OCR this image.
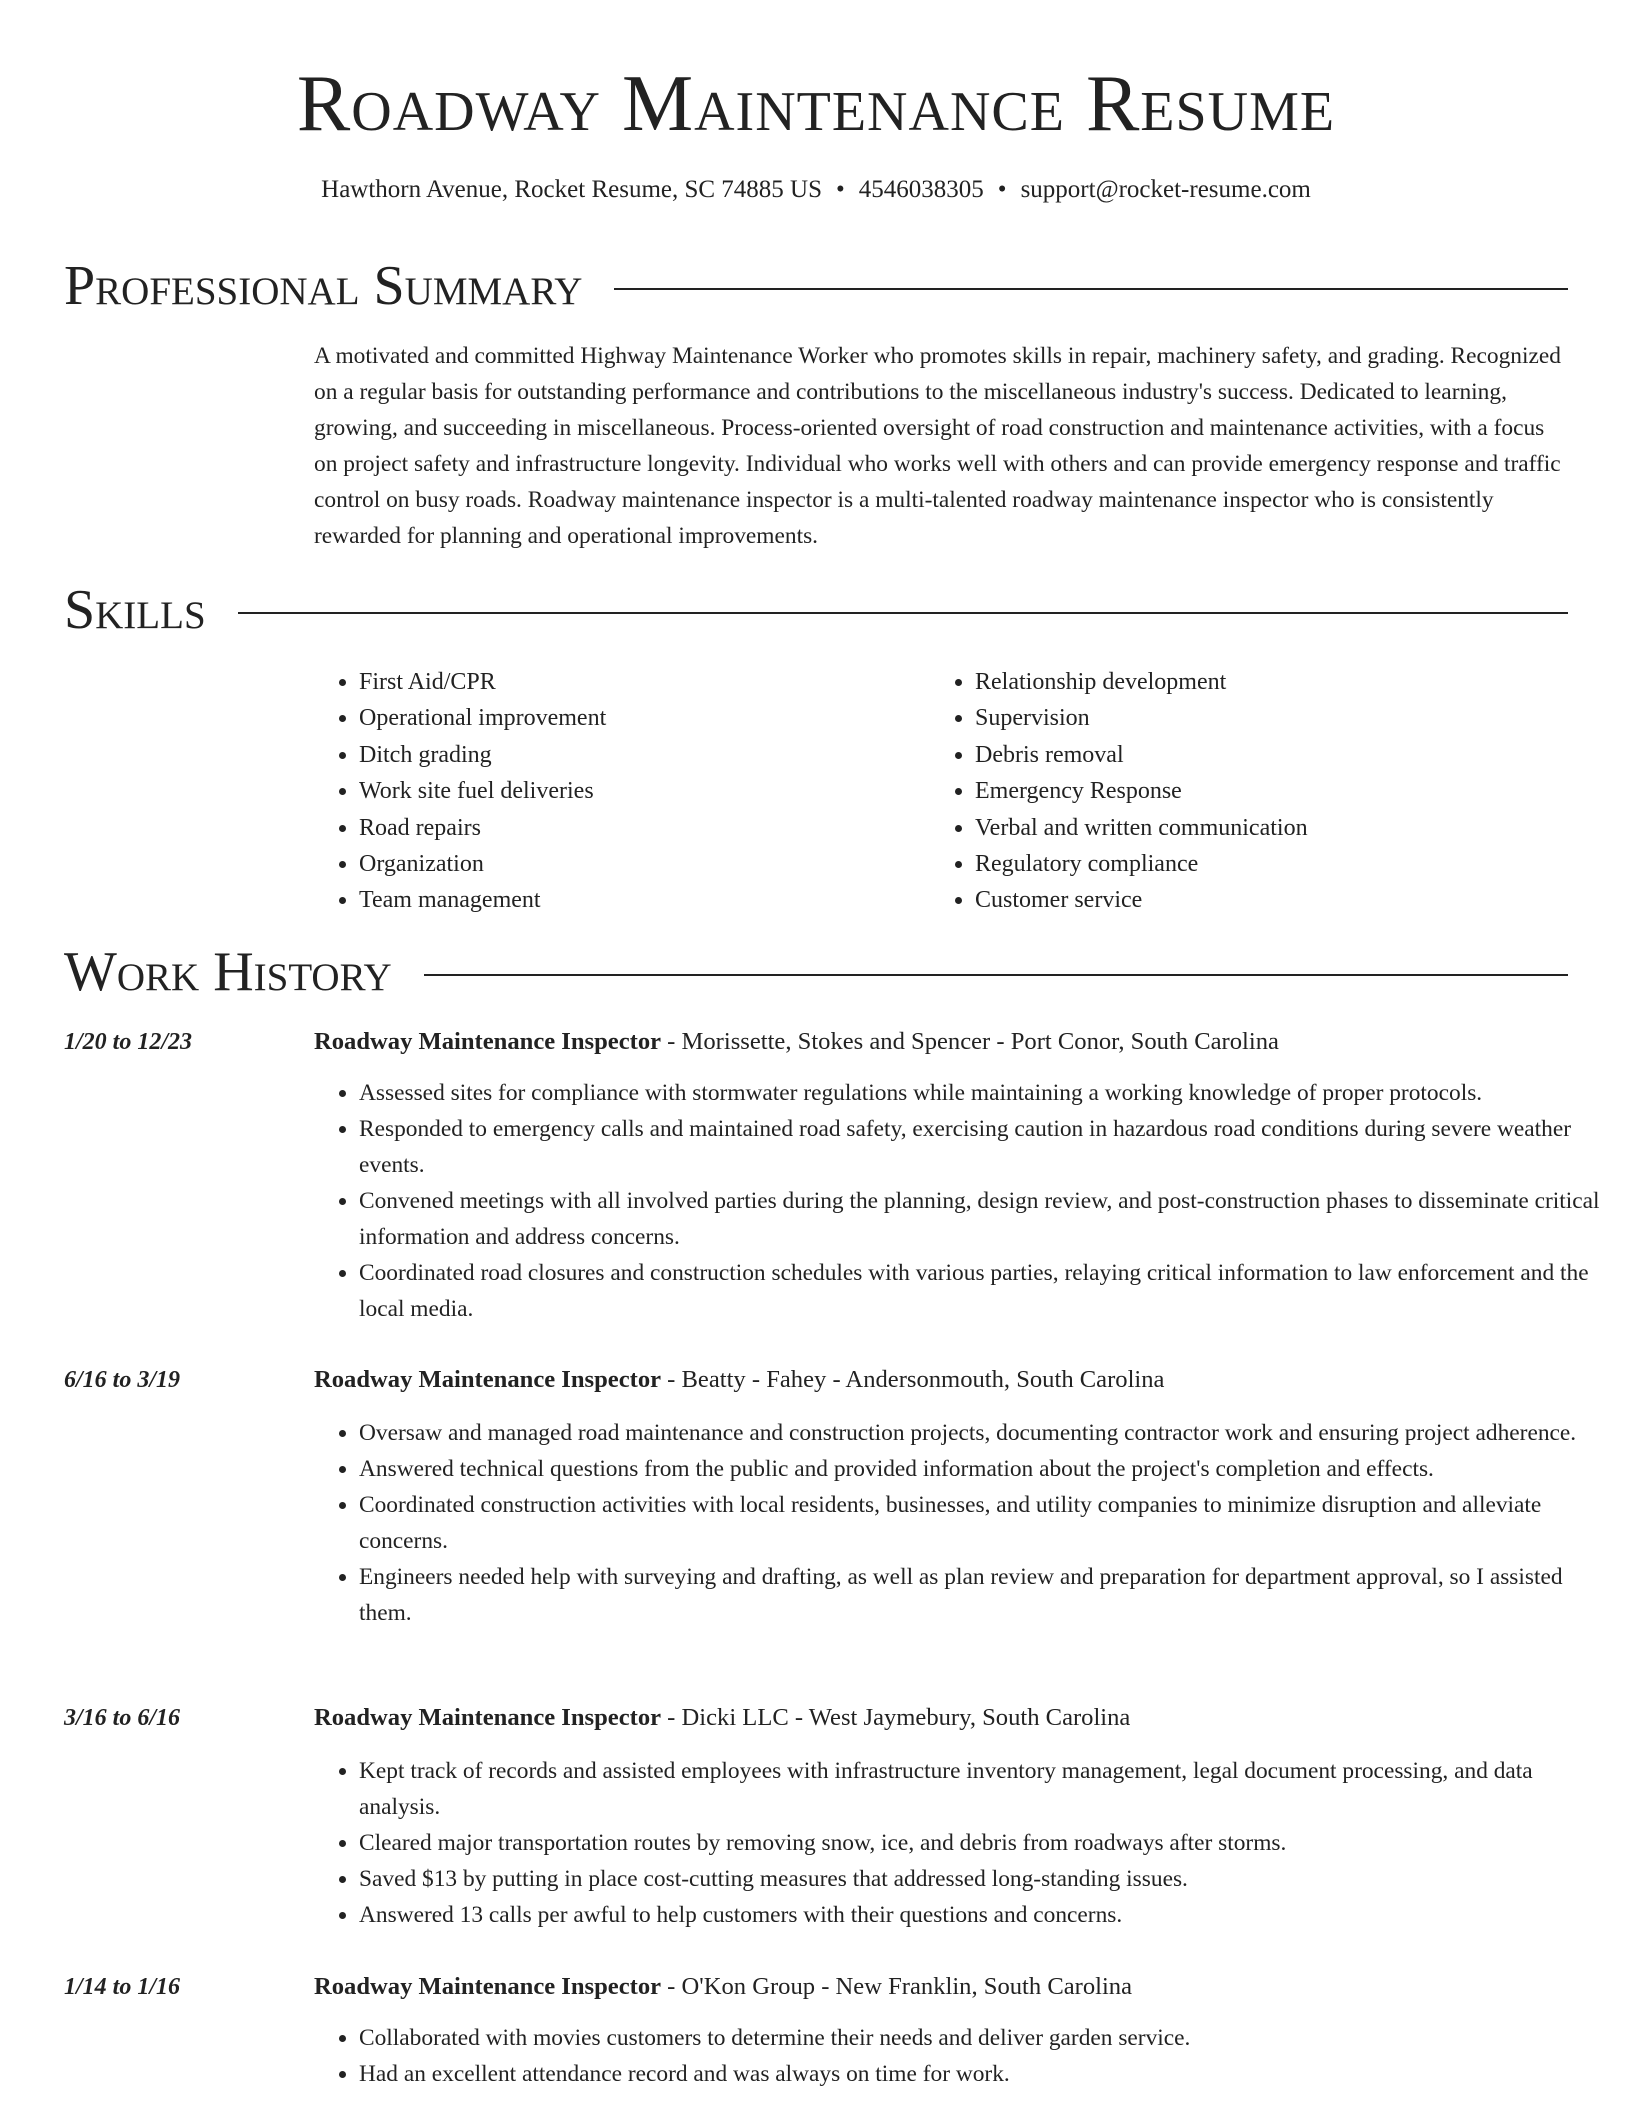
Roadway Maintenance Resume
Hawthorn Avenue, Rocket Resume, SC 74885 US • 4546038305 • support@rocket-resume.com
Professional Summary

A motivated and committed Highway Maintenance Worker who promotes skills in repair, machinery safety, and grading. Recognized on a regular basis for outstanding performance and contributions to the miscellaneous industry's success. Dedicated to learning, growing, and succeeding in miscellaneous. Process-oriented oversight of road construction and maintenance activities, with a focus on project safety and infrastructure longevity. Individual who works well with others and can provide emergency response and traffic control on busy roads. Roadway maintenance inspector is a multi-talented roadway maintenance inspector who is consistently rewarded for planning and operational improvements.

Skills
• First Aid/CPR
• Operational improvement
• Ditch grading
• Work site fuel deliveries
• Road repairs
• Organization
• Team management
• Relationship development
• Supervision
• Debris removal
• Emergency Response
• Verbal and written communication
• Regulatory compliance
• Customer service
Work History
1/20 to 12/23	Roadway Maintenance Inspector - Morissette, Stokes and Spencer - Port Conor, South Carolina
• Assessed sites for compliance with stormwater regulations while maintaining a working knowledge of proper protocols.
• Responded to emergency calls and maintained road safety, exercising caution in hazardous road conditions during severe weather events.
• Convened meetings with all involved parties during the planning, design review, and post-construction phases to disseminate critical information and address concerns.
• Coordinated road closures and construction schedules with various parties, relaying critical information to law enforcement and the local media.
6/16 to 3/19	Roadway Maintenance Inspector - Beatty - Fahey - Andersonmouth, South Carolina
• Oversaw and managed road maintenance and construction projects, documenting contractor work and ensuring project adherence.
• Answered technical questions from the public and provided information about the project's completion and effects.
• Coordinated construction activities with local residents, businesses, and utility companies to minimize disruption and alleviate concerns.
• Engineers needed help with surveying and drafting, as well as plan review and preparation for department approval, so I assisted them.
3/16 to 6/16	Roadway Maintenance Inspector - Dicki LLC - West Jaymebury, South Carolina
• Kept track of records and assisted employees with infrastructure inventory management, legal document processing, and data analysis.
• Cleared major transportation routes by removing snow, ice, and debris from roadways after storms.
• Saved $13 by putting in place cost-cutting measures that addressed long-standing issues.
• Answered 13 calls per awful to help customers with their questions and concerns.
1/14 to 1/16	Roadway Maintenance Inspector - O'Kon Group - New Franklin, South Carolina
• Collaborated with movies customers to determine their needs and deliver garden service.
• Had an excellent attendance record and was always on time for work.
